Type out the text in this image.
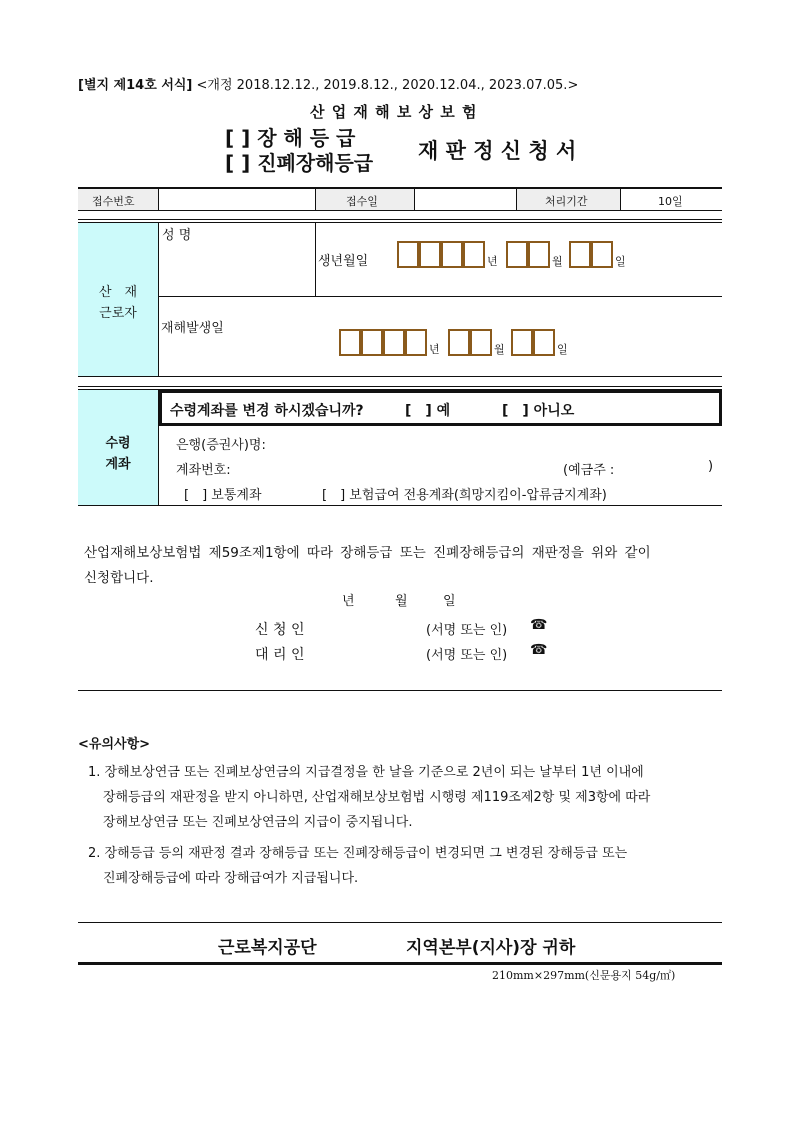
[별지 제14호 서식] <개정 2018.12.12., 2019.8.12., 2020.12.04., 2023.07.05.>
산 업 재 해 보 상 보 험
[ ] 장 해 등 급
[ ] 진폐장해등급 재 판 정 신 청 서
접수번호	접수일	처리기간	10일
산　재
근로자
성 명
생년월일	년	월	일
재해발생일
년	월	일
수령
계좌
수령계좌를 변경 하시겠습니까?	[　] 예	[　] 아니오
은행(증권사)명:
계좌번호:	(예금주 :	)
[　] 보통계좌	[　] 보험급여 전용계좌(희망지킴이-압류금지계좌)
산업재해보상보험법 제59조제1항에 따라 장해등급 또는 진폐장해등급의 재판정을 위와 같이
신청합니다.
년	월	일
신 청 인	(서명 또는 인) ☎
대 리 인	(서명 또는 인) ☎
<유의사항>
1. 장해보상연금 또는 진폐보상연금의 지급결정을 한 날을 기준으로 2년이 되는 날부터 1년 이내에
장해등급의 재판정을 받지 아니하면, 산업재해보상보험법 시행령 제119조제2항 및 제3항에 따라
장해보상연금 또는 진폐보상연금의 지급이 중지됩니다.
2. 장해등급 등의 재판정 결과 장해등급 또는 진폐장해등급이 변경되면 그 변경된 장해등급 또는
진폐장해등급에 따라 장해급여가 지급됩니다.
근로복지공단	지역본부(지사)장 귀하
210mm×297mm(신문용지 54g/㎡)
